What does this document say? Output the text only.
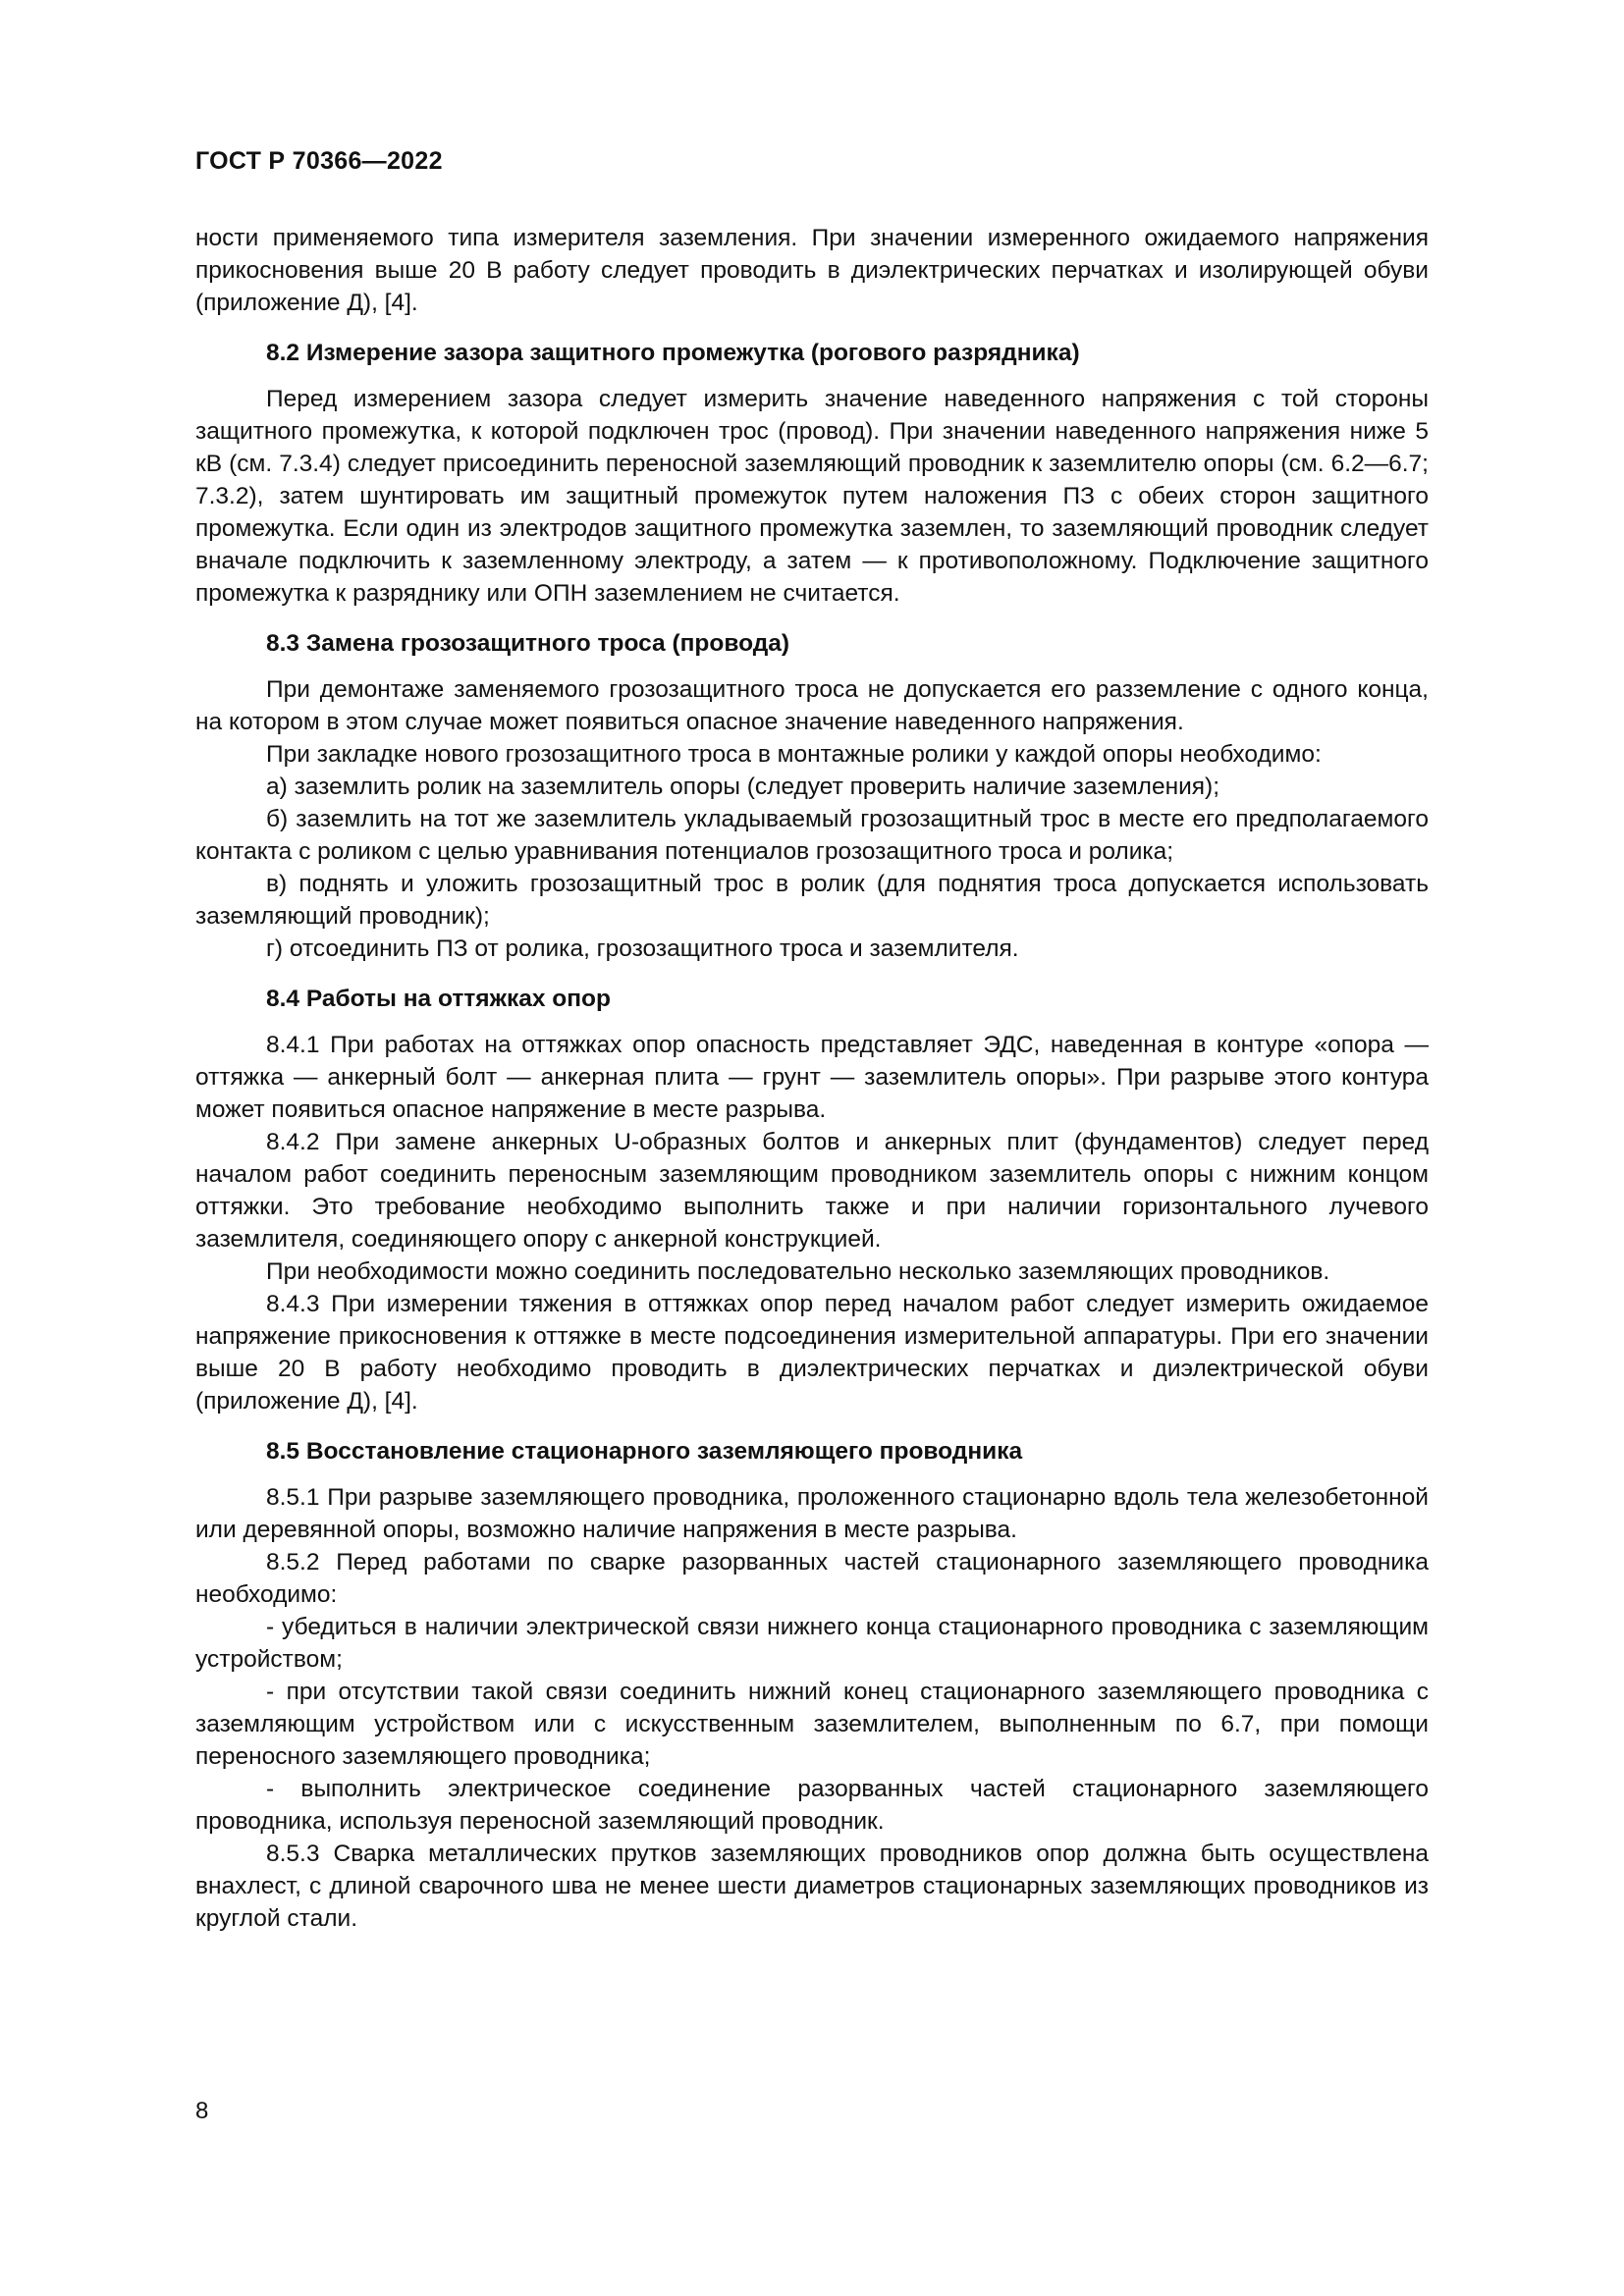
ГОСТ Р 70366—2022

ности применяемого типа измерителя заземления. При значении измеренного ожидаемого напряжения прикосновения выше 20 В работу следует проводить в диэлектрических перчатках и изолирующей обуви (приложение Д), [4].

8.2 Измерение зазора защитного промежутка (рогового разрядника)

Перед измерением зазора следует измерить значение наведенного напряжения с той стороны защитного промежутка, к которой подключен трос (провод). При значении наведенного напряжения ниже 5 кВ (см. 7.3.4) следует присоединить переносной заземляющий проводник к заземлителю опоры (см. 6.2—6.7; 7.3.2), затем шунтировать им защитный промежуток путем наложения ПЗ с обеих сторон защитного промежутка. Если один из электродов защитного промежутка заземлен, то заземляющий проводник следует вначале подключить к заземленному электроду, а затем — к противоположному. Подключение защитного промежутка к разряднику или ОПН заземлением не считается.

8.3 Замена грозозащитного троса (провода)

При демонтаже заменяемого грозозащитного троса не допускается его разземление с одного конца, на котором в этом случае может появиться опасное значение наведенного напряжения.

При закладке нового грозозащитного троса в монтажные ролики у каждой опоры необходимо:

а) заземлить ролик на заземлитель опоры (следует проверить наличие заземления);

б) заземлить на тот же заземлитель укладываемый грозозащитный трос в месте его предполагаемого контакта с роликом с целью уравнивания потенциалов грозозащитного троса и ролика;

в) поднять и уложить грозозащитный трос в ролик (для поднятия троса допускается использовать заземляющий проводник);

г) отсоединить ПЗ от ролика, грозозащитного троса и заземлителя.

8.4 Работы на оттяжках опор

8.4.1 При работах на оттяжках опор опасность представляет ЭДС, наведенная в контуре «опора — оттяжка — анкерный болт — анкерная плита — грунт — заземлитель опоры». При разрыве этого контура может появиться опасное напряжение в месте разрыва.

8.4.2 При замене анкерных U-образных болтов и анкерных плит (фундаментов) следует перед началом работ соединить переносным заземляющим проводником заземлитель опоры с нижним концом оттяжки. Это требование необходимо выполнить также и при наличии горизонтального лучевого заземлителя, соединяющего опору с анкерной конструкцией.

При необходимости можно соединить последовательно несколько заземляющих проводников.

8.4.3 При измерении тяжения в оттяжках опор перед началом работ следует измерить ожидаемое напряжение прикосновения к оттяжке в месте подсоединения измерительной аппаратуры. При его значении выше 20 В работу необходимо проводить в диэлектрических перчатках и диэлектрической обуви (приложение Д), [4].

8.5 Восстановление стационарного заземляющего проводника

8.5.1 При разрыве заземляющего проводника, проложенного стационарно вдоль тела железобетонной или деревянной опоры, возможно наличие напряжения в месте разрыва.

8.5.2 Перед работами по сварке разорванных частей стационарного заземляющего проводника необходимо:

- убедиться в наличии электрической связи нижнего конца стационарного проводника с заземляющим устройством;

- при отсутствии такой связи соединить нижний конец стационарного заземляющего проводника с заземляющим устройством или с искусственным заземлителем, выполненным по 6.7, при помощи переносного заземляющего проводника;

- выполнить электрическое соединение разорванных частей стационарного заземляющего проводника, используя переносной заземляющий проводник.

8.5.3 Сварка металлических прутков заземляющих проводников опор должна быть осуществлена внахлест, с длиной сварочного шва не менее шести диаметров стационарных заземляющих проводников из круглой стали.

8
